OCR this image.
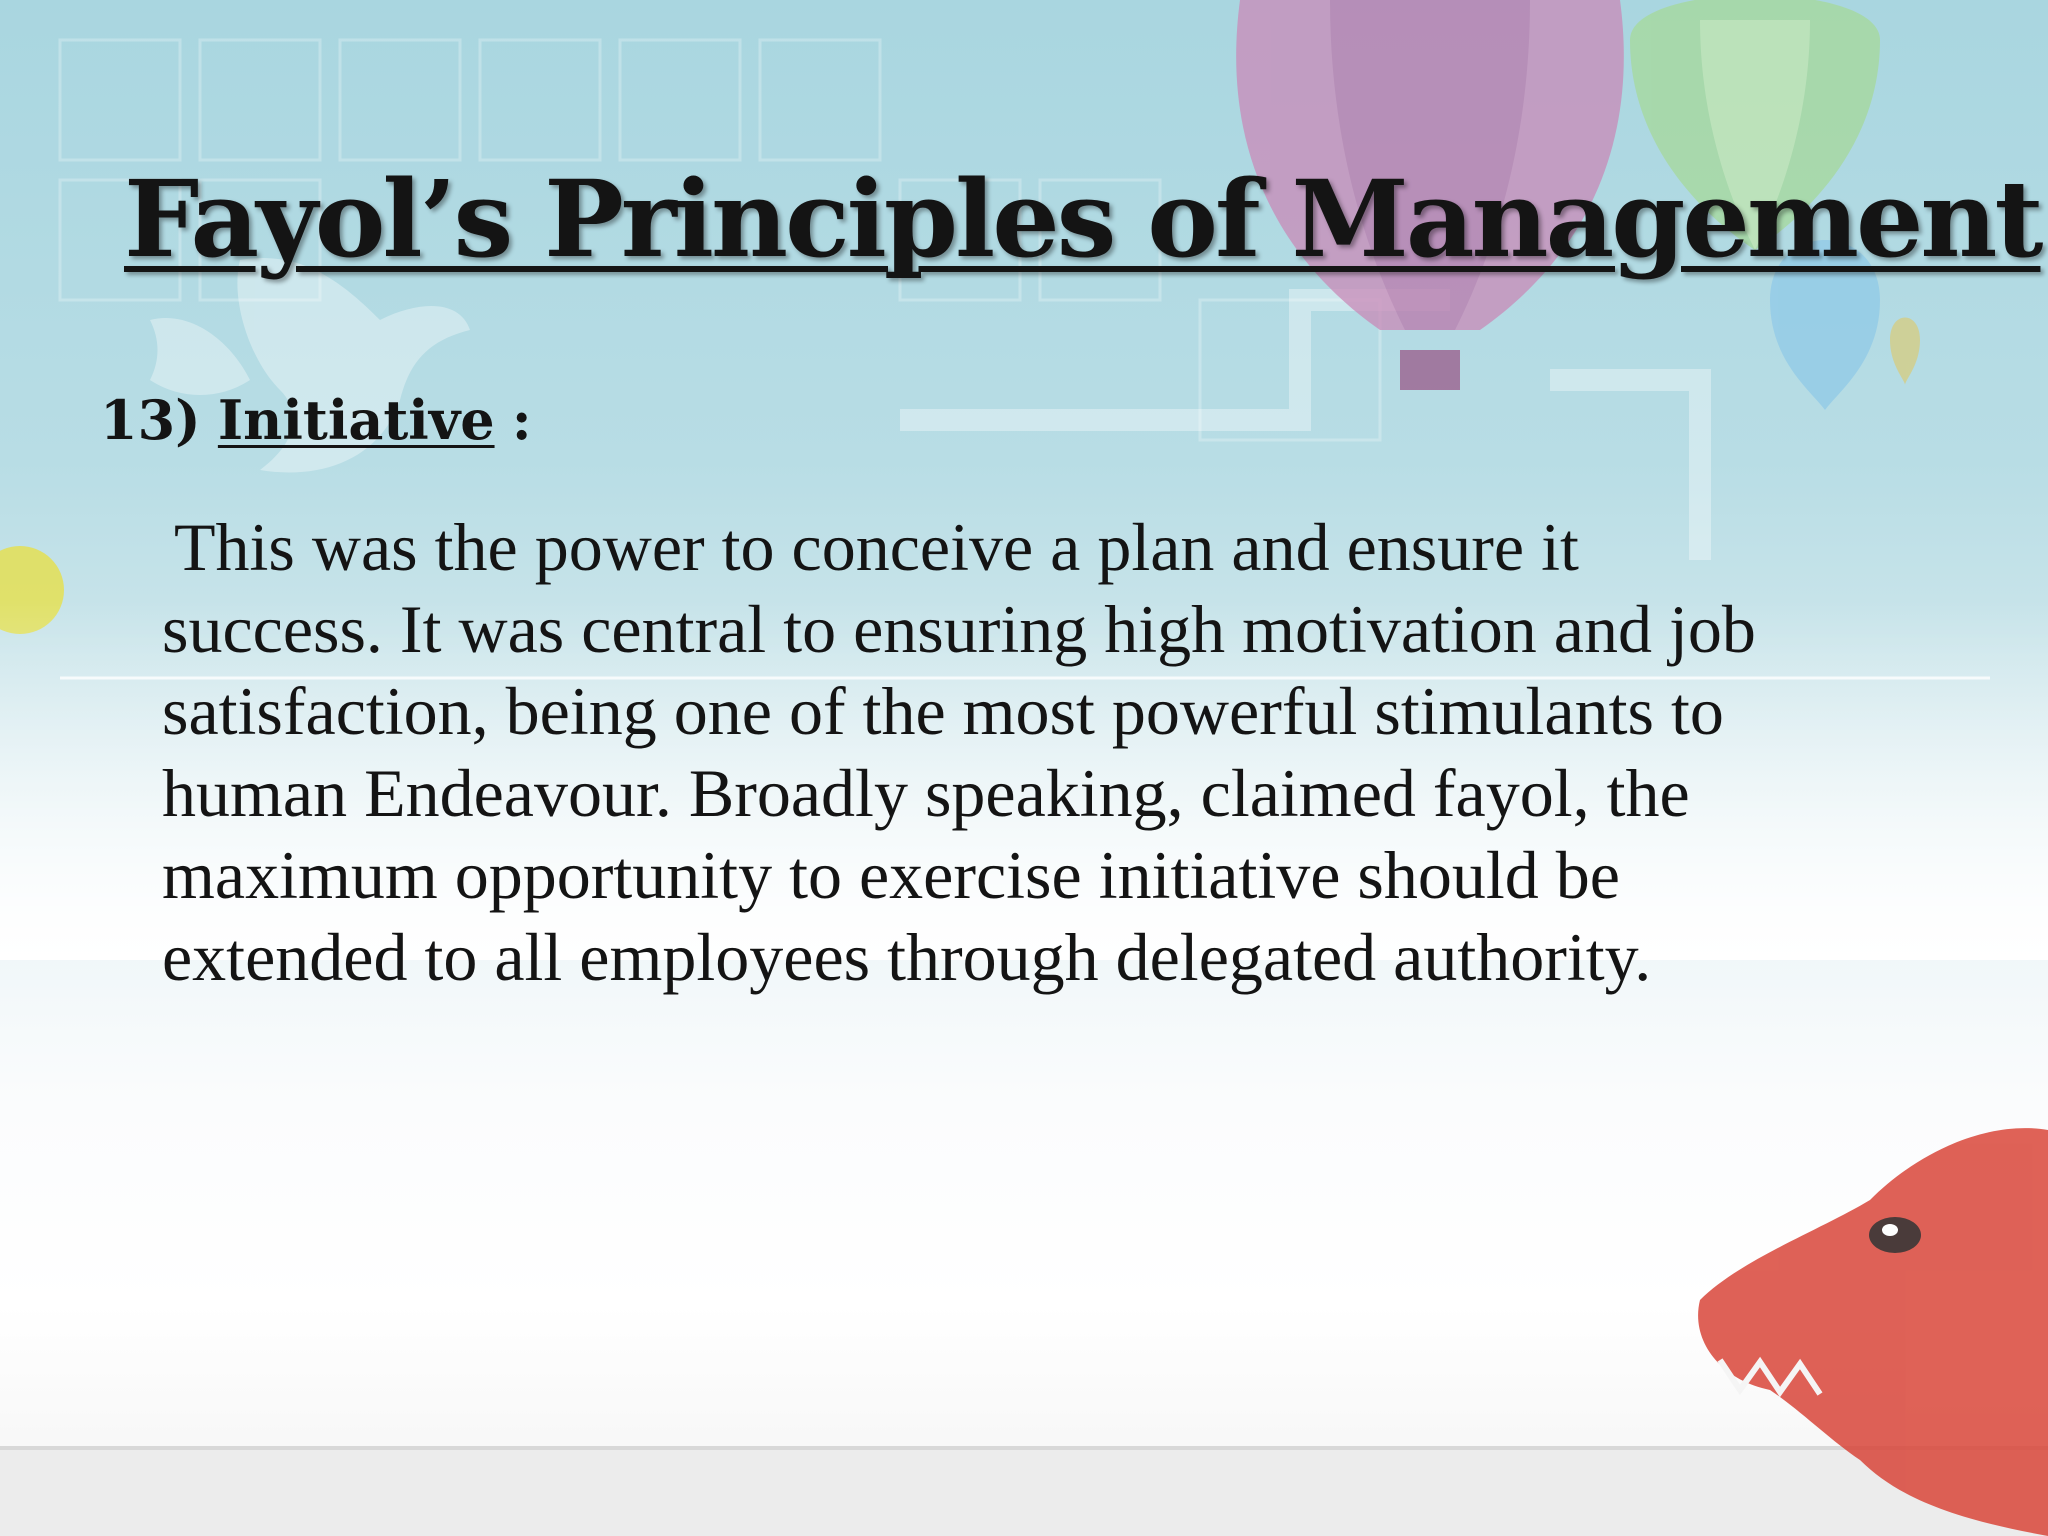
Fayol’s Principles of Management
13) Initiative :
This was the power to conceive a plan and ensure it
success. It was central to ensuring high motivation and job
satisfaction, being one of the most powerful stimulants to
human Endeavour. Broadly speaking, claimed fayol, the
maximum opportunity to exercise initiative should be
extended to all employees through delegated authority.
